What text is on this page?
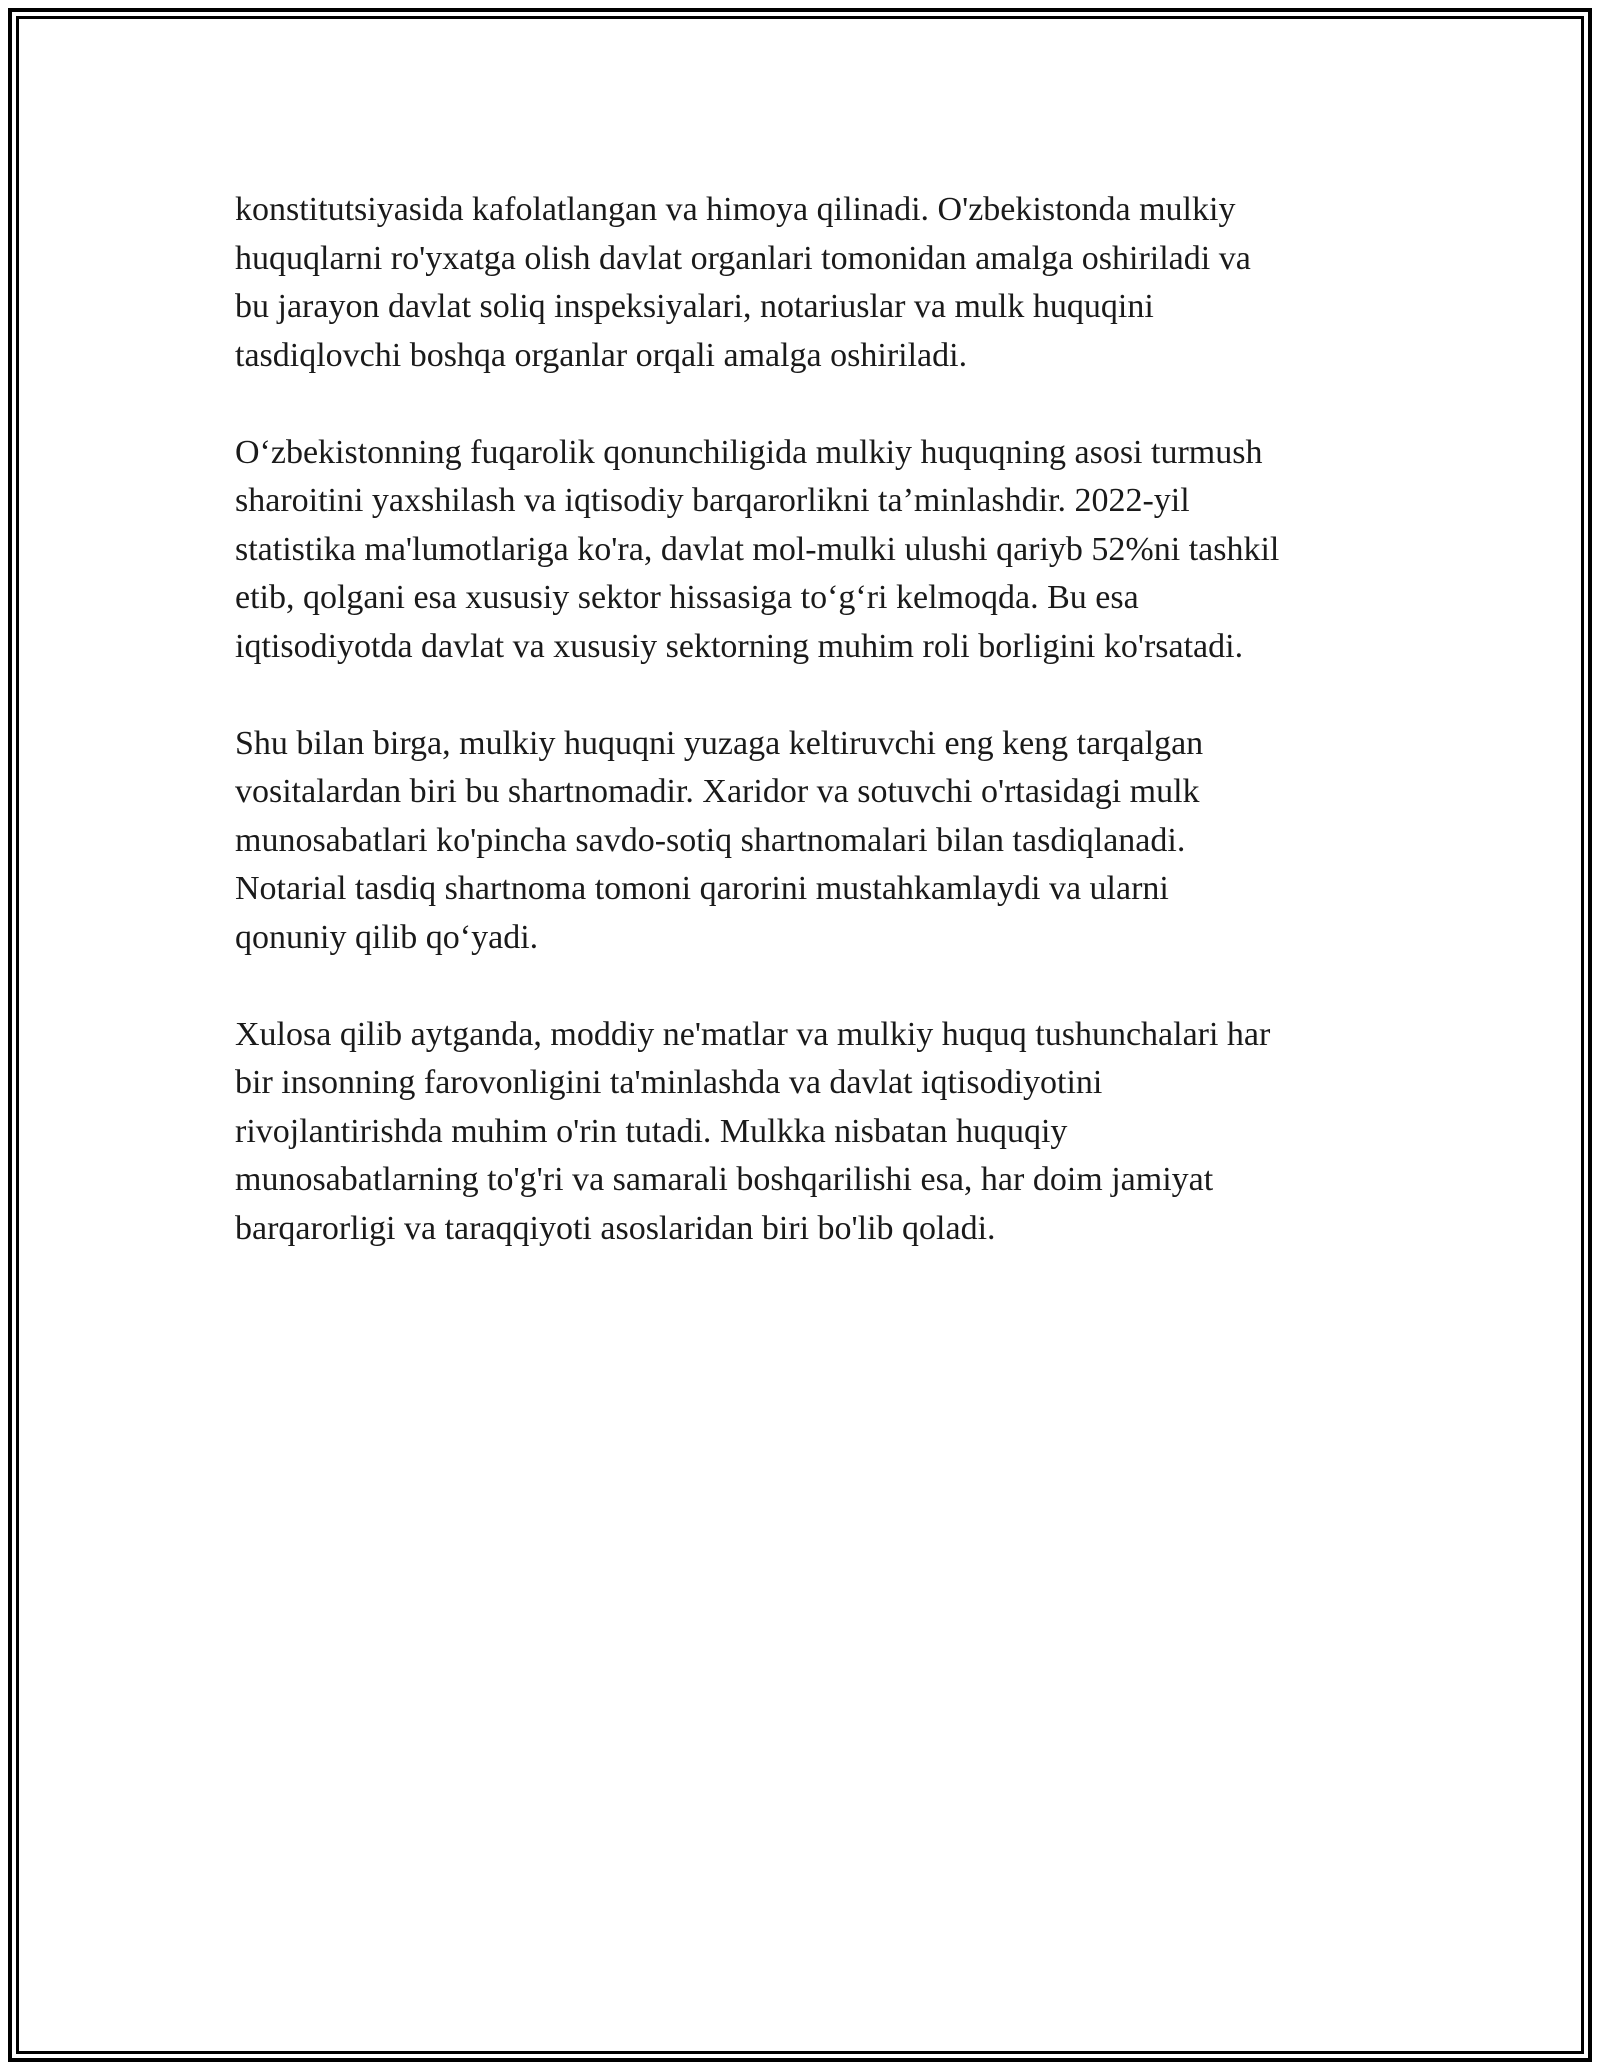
konstitutsiyasida kafolatlangan va himoya qilinadi. O'zbekistonda mulkiy
huquqlarni ro'yxatga olish davlat organlari tomonidan amalga oshiriladi va
bu jarayon davlat soliq inspeksiyalari, notariuslar va mulk huquqini
tasdiqlovchi boshqa organlar orqali amalga oshiriladi.

O‘zbekistonning fuqarolik qonunchiligida mulkiy huquqning asosi turmush
sharoitini yaxshilash va iqtisodiy barqarorlikni ta’minlashdir. 2022-yil
statistika ma'lumotlariga ko'ra, davlat mol-mulki ulushi qariyb 52%ni tashkil
etib, qolgani esa xususiy sektor hissasiga to‘g‘ri kelmoqda. Bu esa
iqtisodiyotda davlat va xususiy sektorning muhim roli borligini ko'rsatadi.

Shu bilan birga, mulkiy huquqni yuzaga keltiruvchi eng keng tarqalgan
vositalardan biri bu shartnomadir. Xaridor va sotuvchi o'rtasidagi mulk
munosabatlari ko'pincha savdo-sotiq shartnomalari bilan tasdiqlanadi.
Notarial tasdiq shartnoma tomoni qarorini mustahkamlaydi va ularni
qonuniy qilib qo‘yadi.

Xulosa qilib aytganda, moddiy ne'matlar va mulkiy huquq tushunchalari har
bir insonning farovonligini ta'minlashda va davlat iqtisodiyotini
rivojlantirishda muhim o'rin tutadi. Mulkka nisbatan huquqiy
munosabatlarning to'g'ri va samarali boshqarilishi esa, har doim jamiyat
barqarorligi va taraqqiyoti asoslaridan biri bo'lib qoladi.
